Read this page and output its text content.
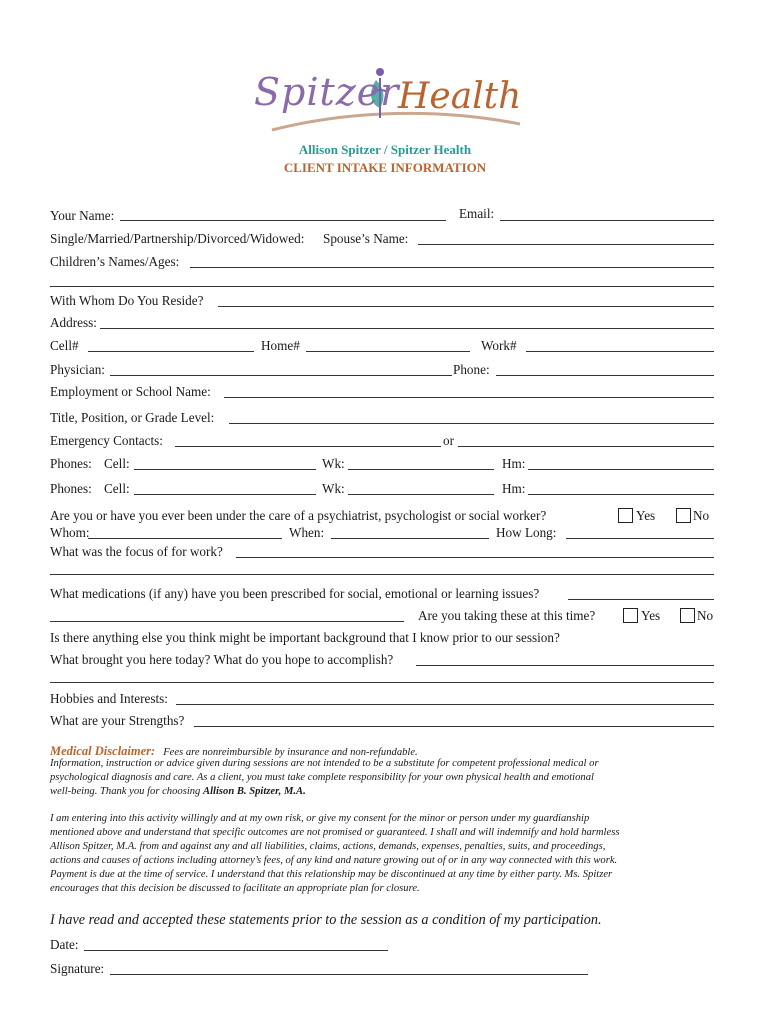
Spitzer
Health
Allison Spitzer / Spitzer Health
CLIENT INTAKE INFORMATION
Your Name:	Email:
Single/Married/Partnership/Divorced/Widowed: Spouse’s Name:
Children’s Names/Ages:
With Whom Do You Reside?
Address:
Cell#	Home#	Work#
Physician:	Phone:
Employment or School Name:
Title, Position, or Grade Level:
Emergency Contacts:	or
Phones: Cell:	Wk:	Hm:
Phones: Cell:	Wk:	Hm:
Are you or have you ever been under the care of a psychiatrist, psychologist or social worker?	Yes	No
Whom:	When:	How Long:
What was the focus of for work?
What medications (if any) have you been prescribed for social, emotional or learning issues?
Are you taking these at this time?	Yes	No
Is there anything else you think might be important background that I know prior to our session?
What brought you here today? What do you hope to accomplish?
Hobbies and Interests:
What are your Strengths?
Medical Disclaimer: Fees are nonreimbursible by insurance and non-refundable.
Information, instruction or advice given during sessions are not intended to be a substitute for competent professional medical or
psychological diagnosis and care. As a client, you must take complete responsibility for your own physical health and emotional
well-being. Thank you for choosing Allison B. Spitzer, M.A.
I am entering into this activity willingly and at my own risk, or give my consent for the minor or person under my guardianship
mentioned above and understand that specific outcomes are not promised or guaranteed. I shall and will indemnify and hold harmless
Allison Spitzer, M.A. from and against any and all liabilities, claims, actions, demands, expenses, penalties, suits, and proceedings,
actions and causes of actions including attorney’s fees, of any kind and nature growing out of or in any way connected with this work.
Payment is due at the time of service. I understand that this relationship may be discontinued at any time by either party. Ms. Spitzer
encourages that this decision be discussed to facilitate an appropriate plan for closure.
I have read and accepted these statements prior to the session as a condition of my participation.
Date:
Signature:
